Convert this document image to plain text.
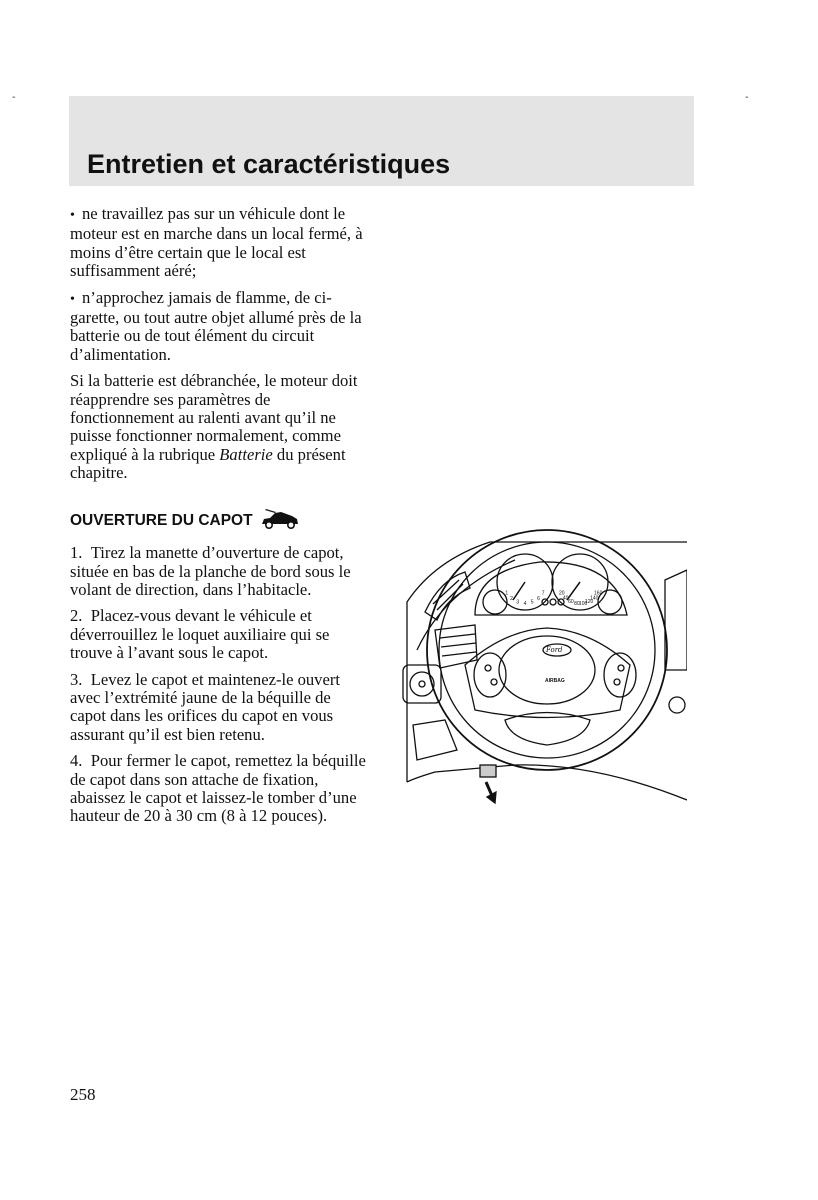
-	-
Entretien et caractéristiques
• ne travaillez pas sur un véhicule dont le moteur est en marche dans un local fermé, à moins d’être certain que le local est suffisamment aéré;
• n’approchez jamais de flamme, de cigarette, ou tout autre objet allumé près de la batterie ou de tout élément du circuit d’alimentation.

Si la batterie est débranchée, le moteur doit réapprendre ses paramètres de fonctionnement au ralenti avant qu’il ne puisse fonctionner normalement, comme expliqué à la rubrique Batterie du présent chapitre.

OUVERTURE DU CAPOT
1. Tirez la manette d’ouverture de capot, située en bas de la planche de bord sous le volant de direction, dans l’habitacle.
2. Placez-vous devant le véhicule et déverrouillez le loquet auxiliaire qui se trouve à l’avant sous le capot.
3. Levez le capot et maintenez-le ouvert avec l’extrémité jaune de la béquille de capot dans les orifices du capot en vous assurant qu’il est bien retenu.
4. Pour fermer le capot, remettez la béquille de capot dans son attache de fixation, abaissez le capot et laissez-le tomber d’une hauteur de 20 à 30 cm (8 à 12 pouces).
1
2
3 4 5
6
7	20
40
60 80 100
120
140
160
Ford
AIRBAG
258
